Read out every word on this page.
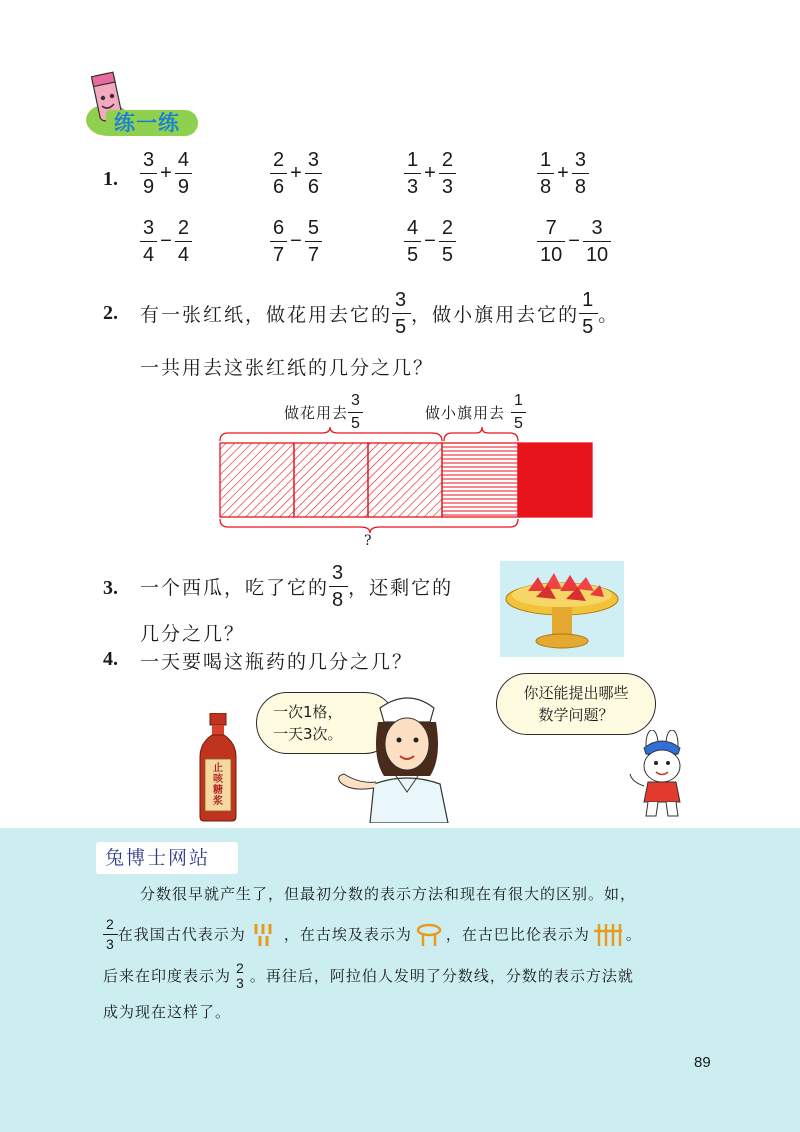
练一练
1. $\frac{3}{9} + \frac{4}{9}$	$\frac{2}{6} + \frac{3}{6}$	$\frac{1}{3} + \frac{2}{3}$	$\frac{1}{8} + \frac{3}{8}$
$\frac{3}{4} - \frac{2}{4}$	$\frac{6}{7} - \frac{5}{7}$	$\frac{4}{5} - \frac{2}{5}$	$\frac{7}{10} - \frac{3}{10}$
2. 有一张红纸，做花用去它的 $\frac{3}{5}$ ，做小旗用去它的 $\frac{1}{5}$ 。
一共用去这张红纸的几分之几？
做花用去 $\frac{3}{5}$	做小旗用去 $\frac{1}{5}$
?
3. 一个西瓜，吃了它的 $\frac{3}{8}$ ，还剩它的
几分之几？
4. 一天要喝这瓶药的几分之几？
止
咳
糖
浆
一次1格，
一天3次。
你还能提出哪些
数学问题？
兔博士网站
分数很早就产生了，但最初分数的表示方法和现在有很大的区别。如，
$\frac{2}{3}$ 在我国古代表示为	，在古埃及表示为 ，在古巴比伦表示为 。
后来在印度表示为 2
3 。再往后，阿拉伯人发明了分数线，分数的表示方法就
成为现在这样了。
89
